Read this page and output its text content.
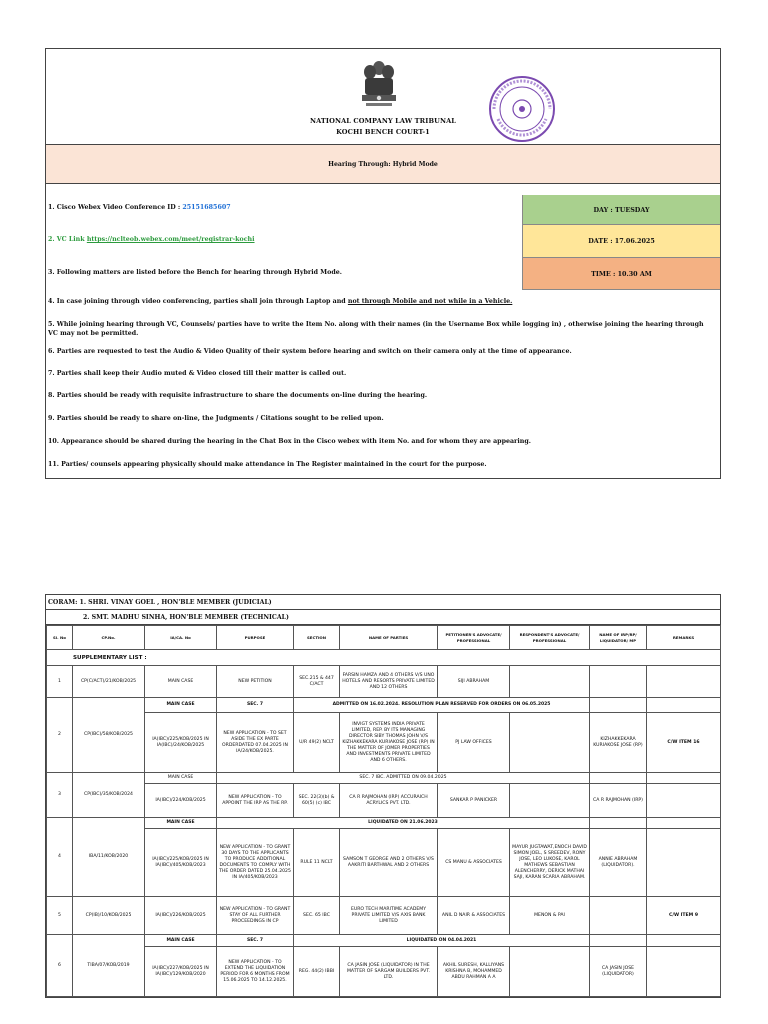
NATIONAL COMPANY LAW TRIBUNAL
KOCHI BENCH COURT-1
Hearing Through: Hybrid Mode
1. Cisco Webex Video Conference ID : 25151685607
2. VC Link https://nclteob.webex.com/meet/registrar-kochi
3. Following matters are listed before the Bench for hearing through Hybrid Mode.
DAY : TUESDAY
DATE : 17.06.2025
TIME : 10.30 AM
4. In case joining through video conferencing, parties shall join through Laptop and not through Mobile and not while in a Vehicle.
5. While joining hearing through VC, Counsels/ parties have to write the Item No. along with their names (in the Username Box while logging in) , otherwise joining the hearing through VC may not be permitted.
6. Parties are requested to test the Audio & Video Quality of their system before hearing and switch on their camera only at the time of appearance.
7. Parties shall keep their Audio muted & Video closed till their matter is called out.
8. Parties should be ready with requisite infrastructure to share the documents on-line during the hearing.
9. Parties should be ready to share on-line, the Judgments / Citations sought to be relied upon.
10. Appearance should be shared during the hearing in the Chat Box in the Cisco webex with item No. and for whom they are appearing.
11. Parties/ counsels appearing physically should make attendance in The Register maintained in the court for the purpose.
CORAM: 1. SHRI. VINAY GOEL , HON'BLE MEMBER (JUDICIAL)
2. SMT. MADHU SINHA, HON'BLE MEMBER (TECHNICAL)
Sl. No	CP.No.	IA/CA. No	PURPOSE	SECTION	NAME OF PARTIES	PETITIONER'S ADVOCATE/ PROFESSIONAL	RESPONDENT'S ADVOCATE/ PROFESSIONAL	NAME OF IRP/RP/ LIQUIDATOR/ MP	REMARKS
SUPPLEMENTARY LIST :									
1	CP(C/ACT)/21/KOB/2025	MAIN CASE	NEW PETITION	SEC.215 & 447 C/ACT	FARSIN HAMZA AND 4 OTHERS V/S UNO HOTELS AND RESORTS PRIVATE LIMITED AND 12 OTHERS	SIJI ABRAHAM			
2	CP(IBC)/58/KOB/2025	MAIN CASE	SEC. 7	ADMITTED ON 16.02.2024. RESOLUTION PLAN RESERVED FOR ORDERS ON 06.05.2025					
		IA(IBC)/225/KOB/2025 IN IA(IBC)/24/KOB/2025	NEW APPLICATION - TO SET ASIDE THE EX PARTE ORDERDATED 07.04.2025 IN IA/24/KOB/2025.	U/R 49(2) NCLT	INVIGT SYSTEMS INDIA PRIVATE LIMITED, REP. BY ITS MANAGING DIRECTOR SIBY THOMAS JOHN V/S KIZHAKKEKARA KURIAKOSE JOSE (RP) IN THE MATTER OF JOMER PROPERTIES AND INVESTMENTS PRIVATE LIMITED AND 6 OTHERS.	PJ LAW OFFICES		KIZHAKKEKARA KURIAKOSE JOSE (RP)	C/W ITEM 16
3	CP(IBC)/35/KOB/2024	MAIN CASE	SEC. 7 IBC. ADMITTED ON 09.04.2025						
		IA(IBC)/224/KOB/2025	NEW APPLICATION - TO APPOINT THE IRP AS THE RP.	SEC. 22(3)(b) & 60(5) (c) IBC	CA R RAJMOHAN (IRP) ACCURAICH ACRYLICS PVT. LTD.	SANKAR P PANICKER		CA R RAJMOHAN (IRP)	
4	IBA/11/KOB/2020	MAIN CASE	LIQUIDATED ON 21.06.2023						
		IA(IBC)/225/KOB/2025 IN IA(IBC)/405/KOB/2023	NEW APPLICATION - TO GRANT 30 DAYS TO THE APPLICANTS TO PRODUCE ADDITIONAL DOCUMENTS TO COMPLY WITH THE ORDER DATED 25.04.2025 IN IA/405/KOB/2023	RULE 11 NCLT	SAMSON T GEORGE AND 2 OTHERS V/S AAKRITI BARTHWAL AND 2 OTHERS	CS MANU & ASSOCIATES	MAYUR JUGTAWAT,ENOCH DAVID SIMON JOEL, S SREEDEV, RONY JOSE, LEO LUKOSE, KAROL MATHEWS SEBASTIAN ALENCHERRY, DERICK MATHAI SAJI, KARAN SCARIA ABRAHAM.	ANNIE ABRAHAM (LIQUIDATOR).	
5	CP(IB)/10/KOB/2025	IA(IBC)/226/KOB/2025	NEW APPLICATION - TO GRANT STAY OF ALL FURTHER PROCEEDINGS IN CP	SEC. 65 IBC	EURO TECH MARITIME ACADEMY PRIVATE LIMITED V/S AXIS BANK LIMITED	ANIL D NAIR & ASSOCIATES	MENON & PAI		C/W ITEM 9
6	TIBA/07/KOB/2019	MAIN CASE	SEC. 7	LIQUIDATED ON 04.04.2021					
		IA(IBC)/227/KOB/2025 IN IA(IBC)/129/KOB/2020	NEW APPLICATION - TO EXTEND THE LIQUIDATION PERIOD FOR 6 MONTHS FROM 15.06.2025 TO 14.12.2025.	REG. 44(2) IBBI	CA JASIN JOSE (LIQUIDATOR) IN THE MATTER OF SARGAM BUILDERS PVT. LTD.	AKHIL SURESH, KALLIYANS KRISHNA B, MOHAMMED ABDU RAHMAN A A		CA JASIN JOSE (LIQUIDATOR)	
